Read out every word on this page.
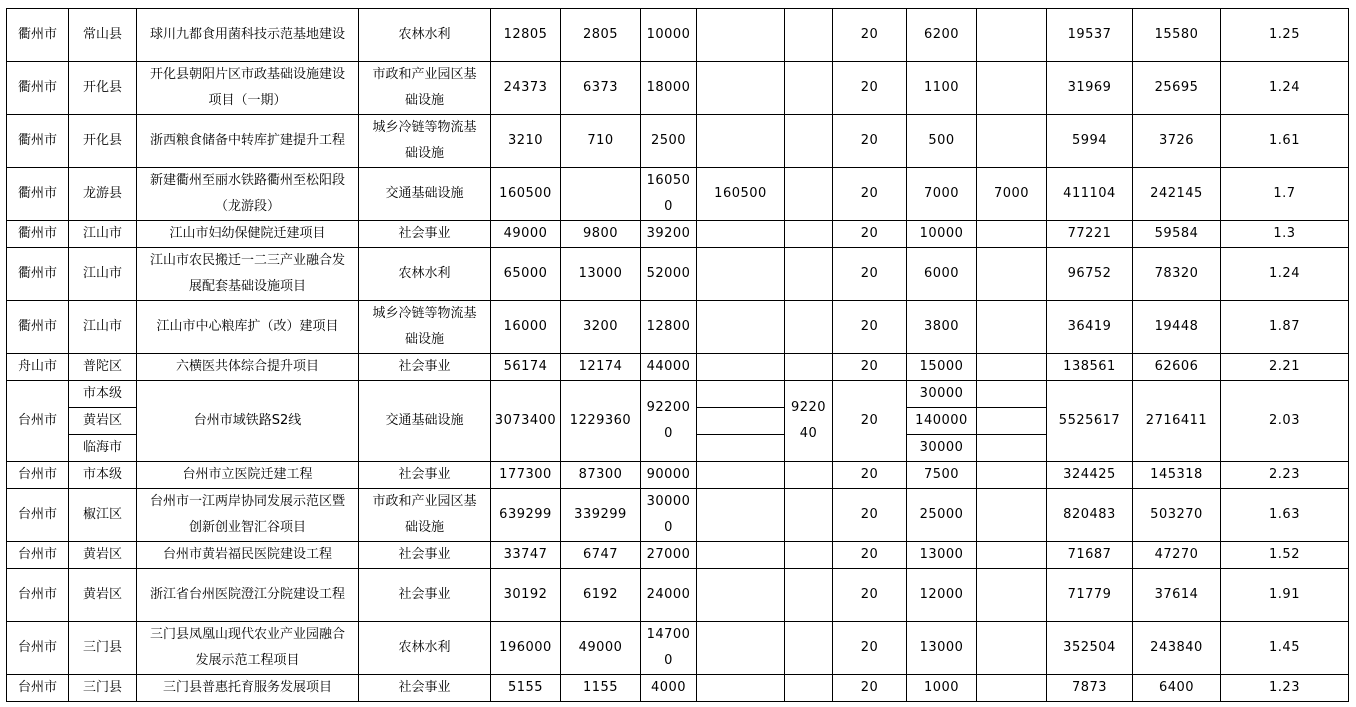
衢州市	常山县	球川九都食用菌科技示范基地建设	农林水利	12805	2805	10000			20	6200		19537	15580	1.25

衢州市	开化县	开化县朝阳片区市政基础设施建设项目（一期）	市政和产业园区基础设施	24373	6373	18000			20	1100		31969	25695	1.24

衢州市	开化县	浙西粮食储备中转库扩建提升工程	城乡冷链等物流基础设施	3210	710	2500			20	500		5994	3726	1.61

衢州市	龙游县	新建衢州至丽水铁路衢州至松阳段（龙游段）	交通基础设施	160500		160500	160500		20	7000	7000	411104	242145	1.7

衢州市	江山市	江山市妇幼保健院迁建项目	社会事业	49000	9800	39200			20	10000		77221	59584	1.3

衢州市	江山市	江山市农民搬迁一二三产业融合发展配套基础设施项目	农林水利	65000	13000	52000			20	6000		96752	78320	1.24

衢州市	江山市	江山市中心粮库扩（改）建项目	城乡冷链等物流基础设施	16000	3200	12800			20	3800		36419	19448	1.87

舟山市	普陀区	六横医共体综合提升项目	社会事业	56174	12174	44000			20	15000		138561	62606	2.21

台州市	市本级	台州市域铁路S2线	交通基础设施	3073400	1229360	922000		922040	20	30000		5525617	2716411	2.03

	黄岩区									140000				

	临海市									30000				

台州市	市本级	台州市立医院迁建工程	社会事业	177300	87300	90000			20	7500		324425	145318	2.23

台州市	椒江区	台州市一江两岸协同发展示范区暨创新创业智汇谷项目	市政和产业园区基础设施	639299	339299	300000			20	25000		820483	503270	1.63

台州市	黄岩区	台州市黄岩福民医院建设工程	社会事业	33747	6747	27000			20	13000		71687	47270	1.52

台州市	黄岩区	浙江省台州医院澄江分院建设工程	社会事业	30192	6192	24000			20	12000		71779	37614	1.91

台州市	三门县	三门县凤凰山现代农业产业园融合发展示范工程项目	农林水利	196000	49000	147000			20	13000		352504	243840	1.45

台州市	三门县	三门县普惠托育服务发展项目	社会事业	5155	1155	4000			20	1000		7873	6400	1.23
